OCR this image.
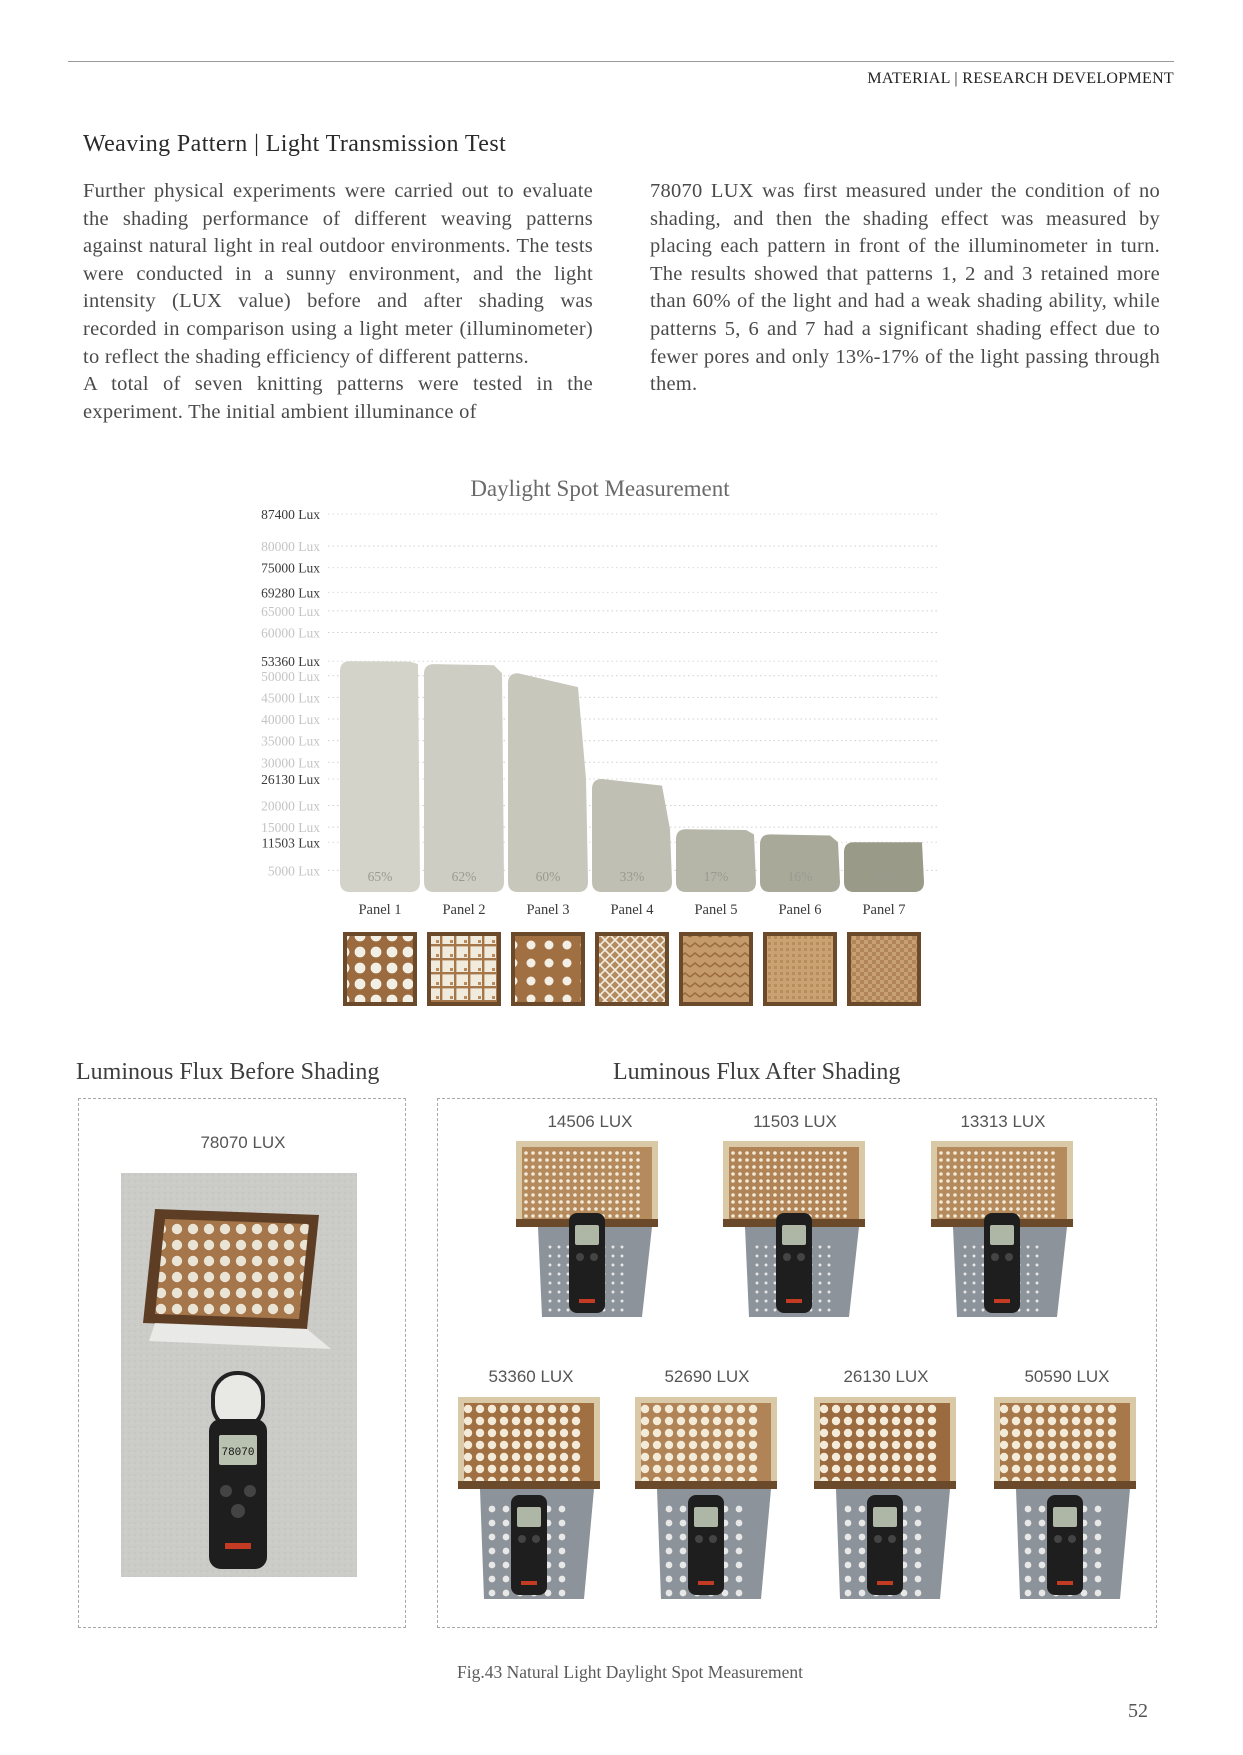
MATERIAL | RESEARCH DEVELOPMENT
Weaving Pattern | Light Transmission Test

Further physical experiments were carried out to evaluate the shading performance of different weaving patterns against natural light in real outdoor environments. The tests were conducted in a sunny environment, and the light intensity (LUX value) before and after shading was recorded in comparison using a light meter (illuminometer) to reflect the shading efficiency of different patterns.

A total of seven knitting patterns were tested in the experiment. The initial ambient illuminance of

78070 LUX was first measured under the condition of no shading, and then the shading effect was measured by placing each pattern in front of the illuminometer in turn. The results showed that patterns 1, 2 and 3 retained more than 60% of the light and had a weak shading ability, while patterns 5, 6 and 7 had a significant shading effect due to fewer pores and only 13%-17% of the light passing through them.

Daylight Spot Measurement
5000 Lux
15000 Lux
20000 Lux
30000 Lux
35000 Lux
40000 Lux
45000 Lux
50000 Lux
60000 Lux
65000 Lux
80000 Lux
11503 Lux
26130 Lux
53360 Lux
69280 Lux
75000 Lux
87400 Lux
65%	62%	60%	33%	17%	16%	13%
Panel 1	Panel 2	Panel 3	Panel 4	Panel 5	Panel 6	Panel 7
Luminous Flux Before Shading	Luminous Flux After Shading
78070 LUX
78070
14506 LUX	11503 LUX	13313 LUX
53360 LUX	52690 LUX	26130 LUX	50590 LUX
Fig.43 Natural Light Daylight Spot Measurement
52
